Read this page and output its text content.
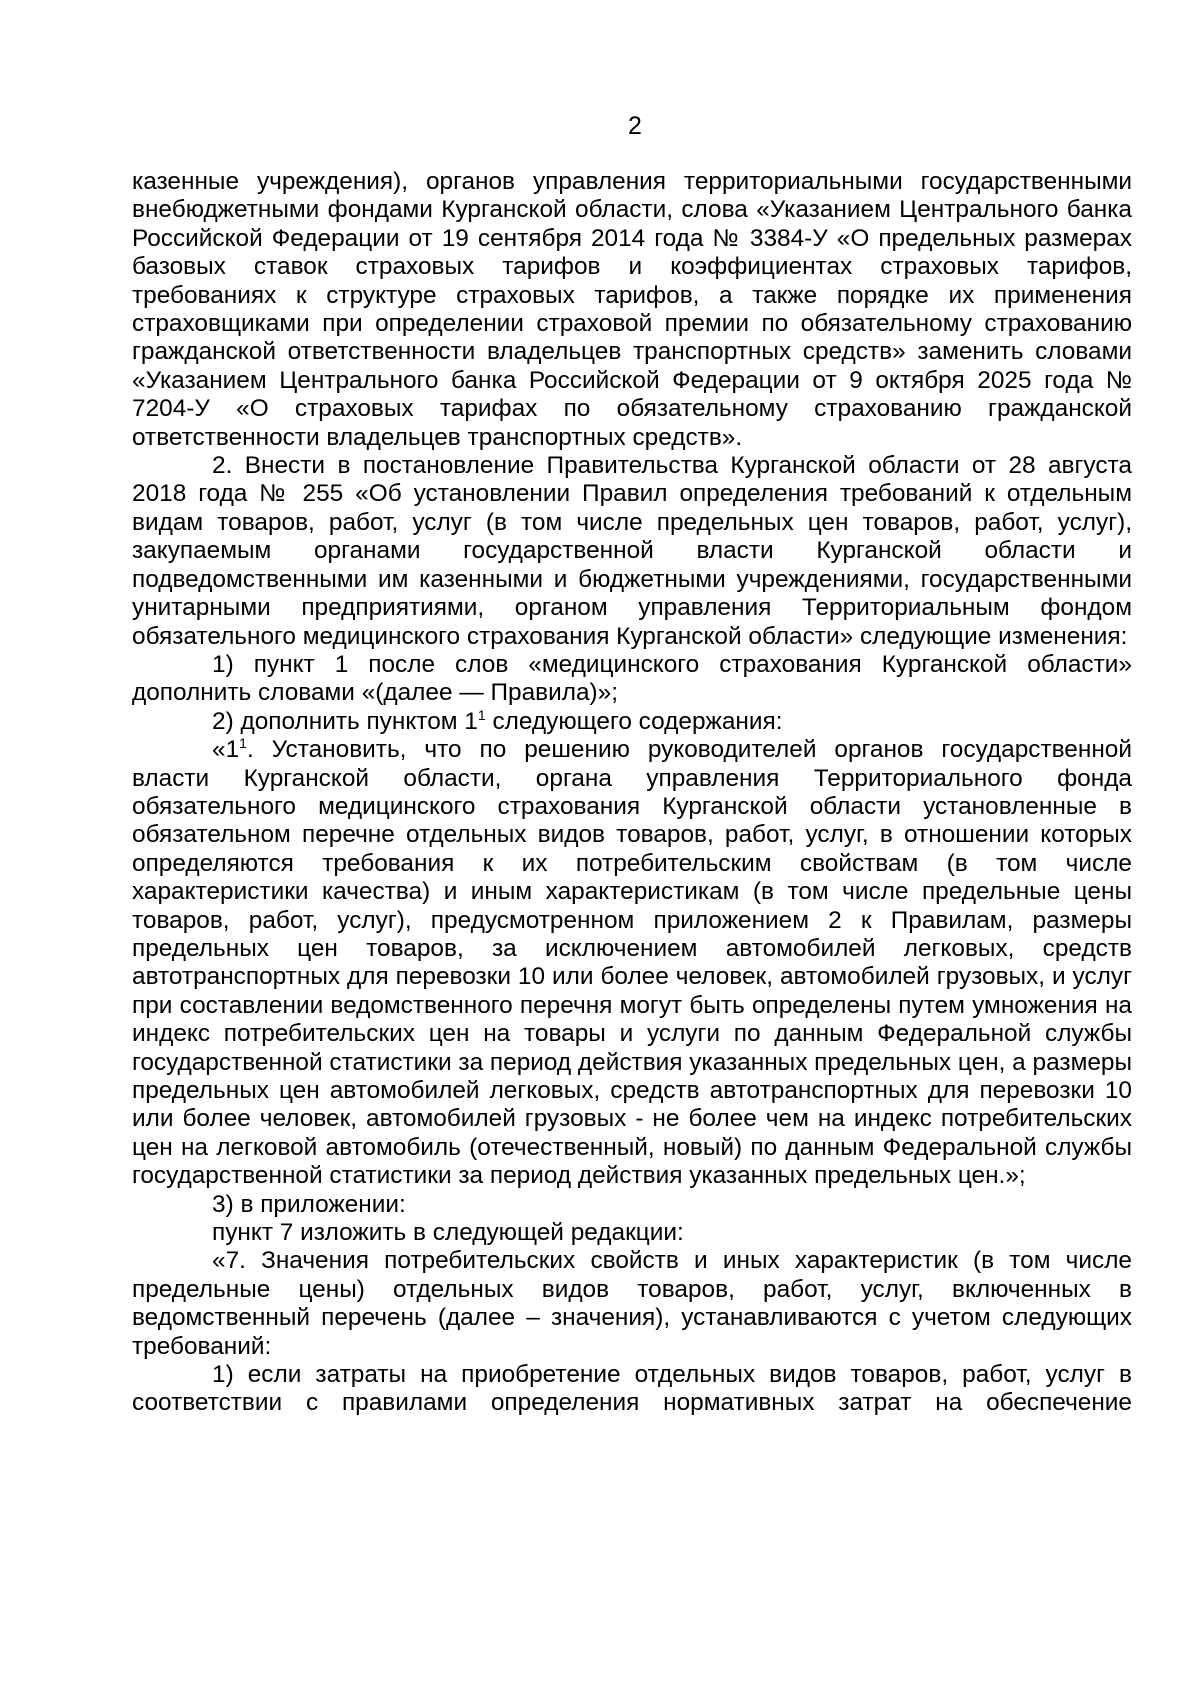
2

казенные учреждения), органов управления территориальными государственными внебюджетными фондами Курганской области, слова «Указанием Центрального банка Российской Федерации от 19 сентября 2014 года № 3384-У «О предельных размерах базовых ставок страховых тарифов и коэффициентах страховых тарифов, требованиях к структуре страховых тарифов, а также порядке их применения страховщиками при определении страховой премии по обязательному страхованию гражданской ответственности владельцев транспортных средств» заменить словами «Указанием Центрального банка Российской Федерации от 9 октября 2025 года № 7204-У «О страховых тарифах по обязательному страхованию гражданской ответственности владельцев транспортных средств».

2. Внести в постановление Правительства Курганской области от 28 августа 2018 года № 255 «Об установлении Правил определения требований к отдельным видам товаров, работ, услуг (в том числе предельных цен товаров, работ, услуг), закупаемым органами государственной власти Курганской области и подведомственными им казенными и бюджетными учреждениями, государственными унитарными предприятиями, органом управления Территориальным фондом обязательного медицинского страхования Курганской области» следующие изменения:

1) пункт 1 после слов «медицинского страхования Курганской области» дополнить словами «(далее — Правила)»;

2) дополнить пунктом $1^1$ следующего содержания:

«$1^1$. Установить, что по решению руководителей органов государственной власти Курганской области, органа управления Территориального фонда обязательного медицинского страхования Курганской области установленные в обязательном перечне отдельных видов товаров, работ, услуг, в отношении которых определяются требования к их потребительским свойствам (в том числе характеристики качества) и иным характеристикам (в том числе предельные цены товаров, работ, услуг), предусмотренном приложением 2 к Правилам, размеры предельных цен товаров, за исключением автомобилей легковых, средств автотранспортных для перевозки 10 или более человек, автомобилей грузовых, и услуг при составлении ведомственного перечня могут быть определены путем умножения на индекс потребительских цен на товары и услуги по данным Федеральной службы государственной статистики за период действия указанных предельных цен, а размеры предельных цен автомобилей легковых, средств автотранспортных для перевозки 10 или более человек, автомобилей грузовых - не более чем на индекс потребительских цен на легковой автомобиль (отечественный, новый) по данным Федеральной службы государственной статистики за период действия указанных предельных цен.»;

3) в приложении:

пункт 7 изложить в следующей редакции:

«7. Значения потребительских свойств и иных характеристик (в том числе предельные цены) отдельных видов товаров, работ, услуг, включенных в ведомственный перечень (далее – значения), устанавливаются с учетом следующих требований:

1) если затраты на приобретение отдельных видов товаров, работ, услуг в соответствии с правилами определения нормативных затрат на обеспечение
